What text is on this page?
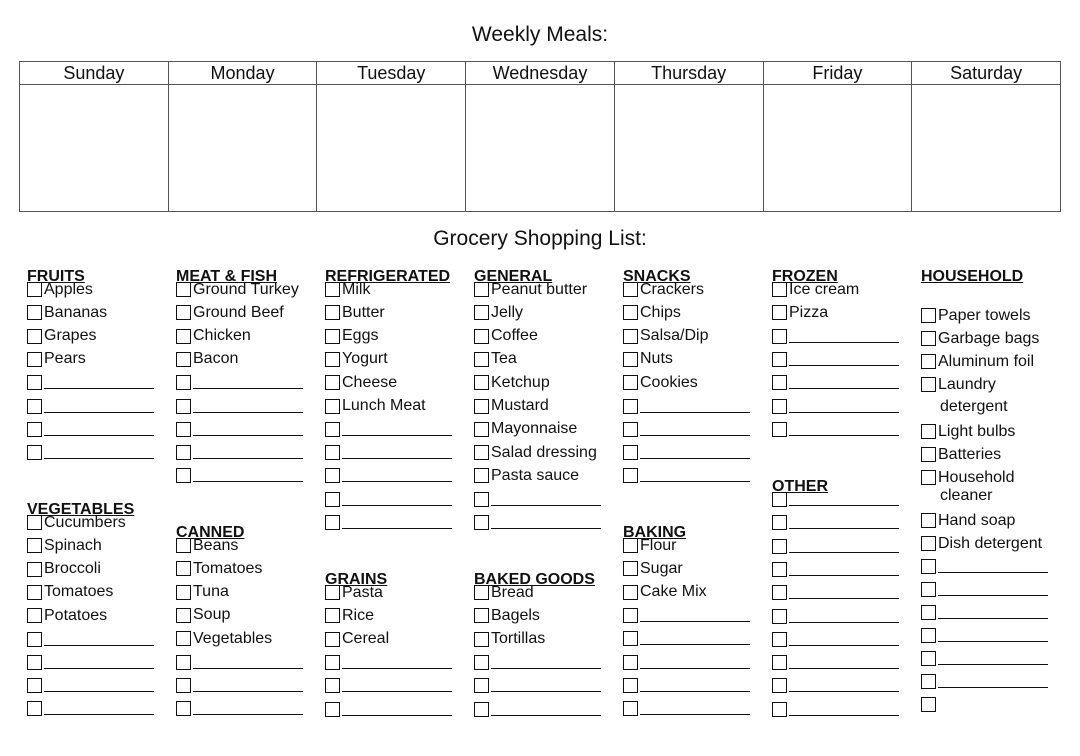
Weekly Meals:
Sunday	Monday	Tuesday	Wednesday	Thursday	Friday	Saturday

Grocery Shopping List:
FRUITS
Apples
Bananas
Grapes
Pears
VEGETABLES
Cucumbers
Spinach
Broccoli
Tomatoes
Potatoes
MEAT & FISH
Ground Turkey
Ground Beef
Chicken
Bacon
CANNED
Beans
Tomatoes
Tuna
Soup
Vegetables
REFRIGERATED
Milk
Butter
Eggs
Yogurt
Cheese
Lunch Meat
GRAINS
Pasta
Rice
Cereal
GENERAL
Peanut butter
Jelly
Coffee
Tea
Ketchup
Mustard
Mayonnaise
Salad dressing
Pasta sauce
BAKED GOODS
Bread
Bagels
Tortillas
SNACKS
Crackers
Chips
Salsa/Dip
Nuts
Cookies
BAKING
Flour
Sugar
Cake Mix
FROZEN
Ice cream
Pizza
OTHER
HOUSEHOLD
Paper towels
Garbage bags
Aluminum foil
Laundry
Light bulbs
Batteries
Household
Hand soap
Dish detergent
detergent
cleaner
